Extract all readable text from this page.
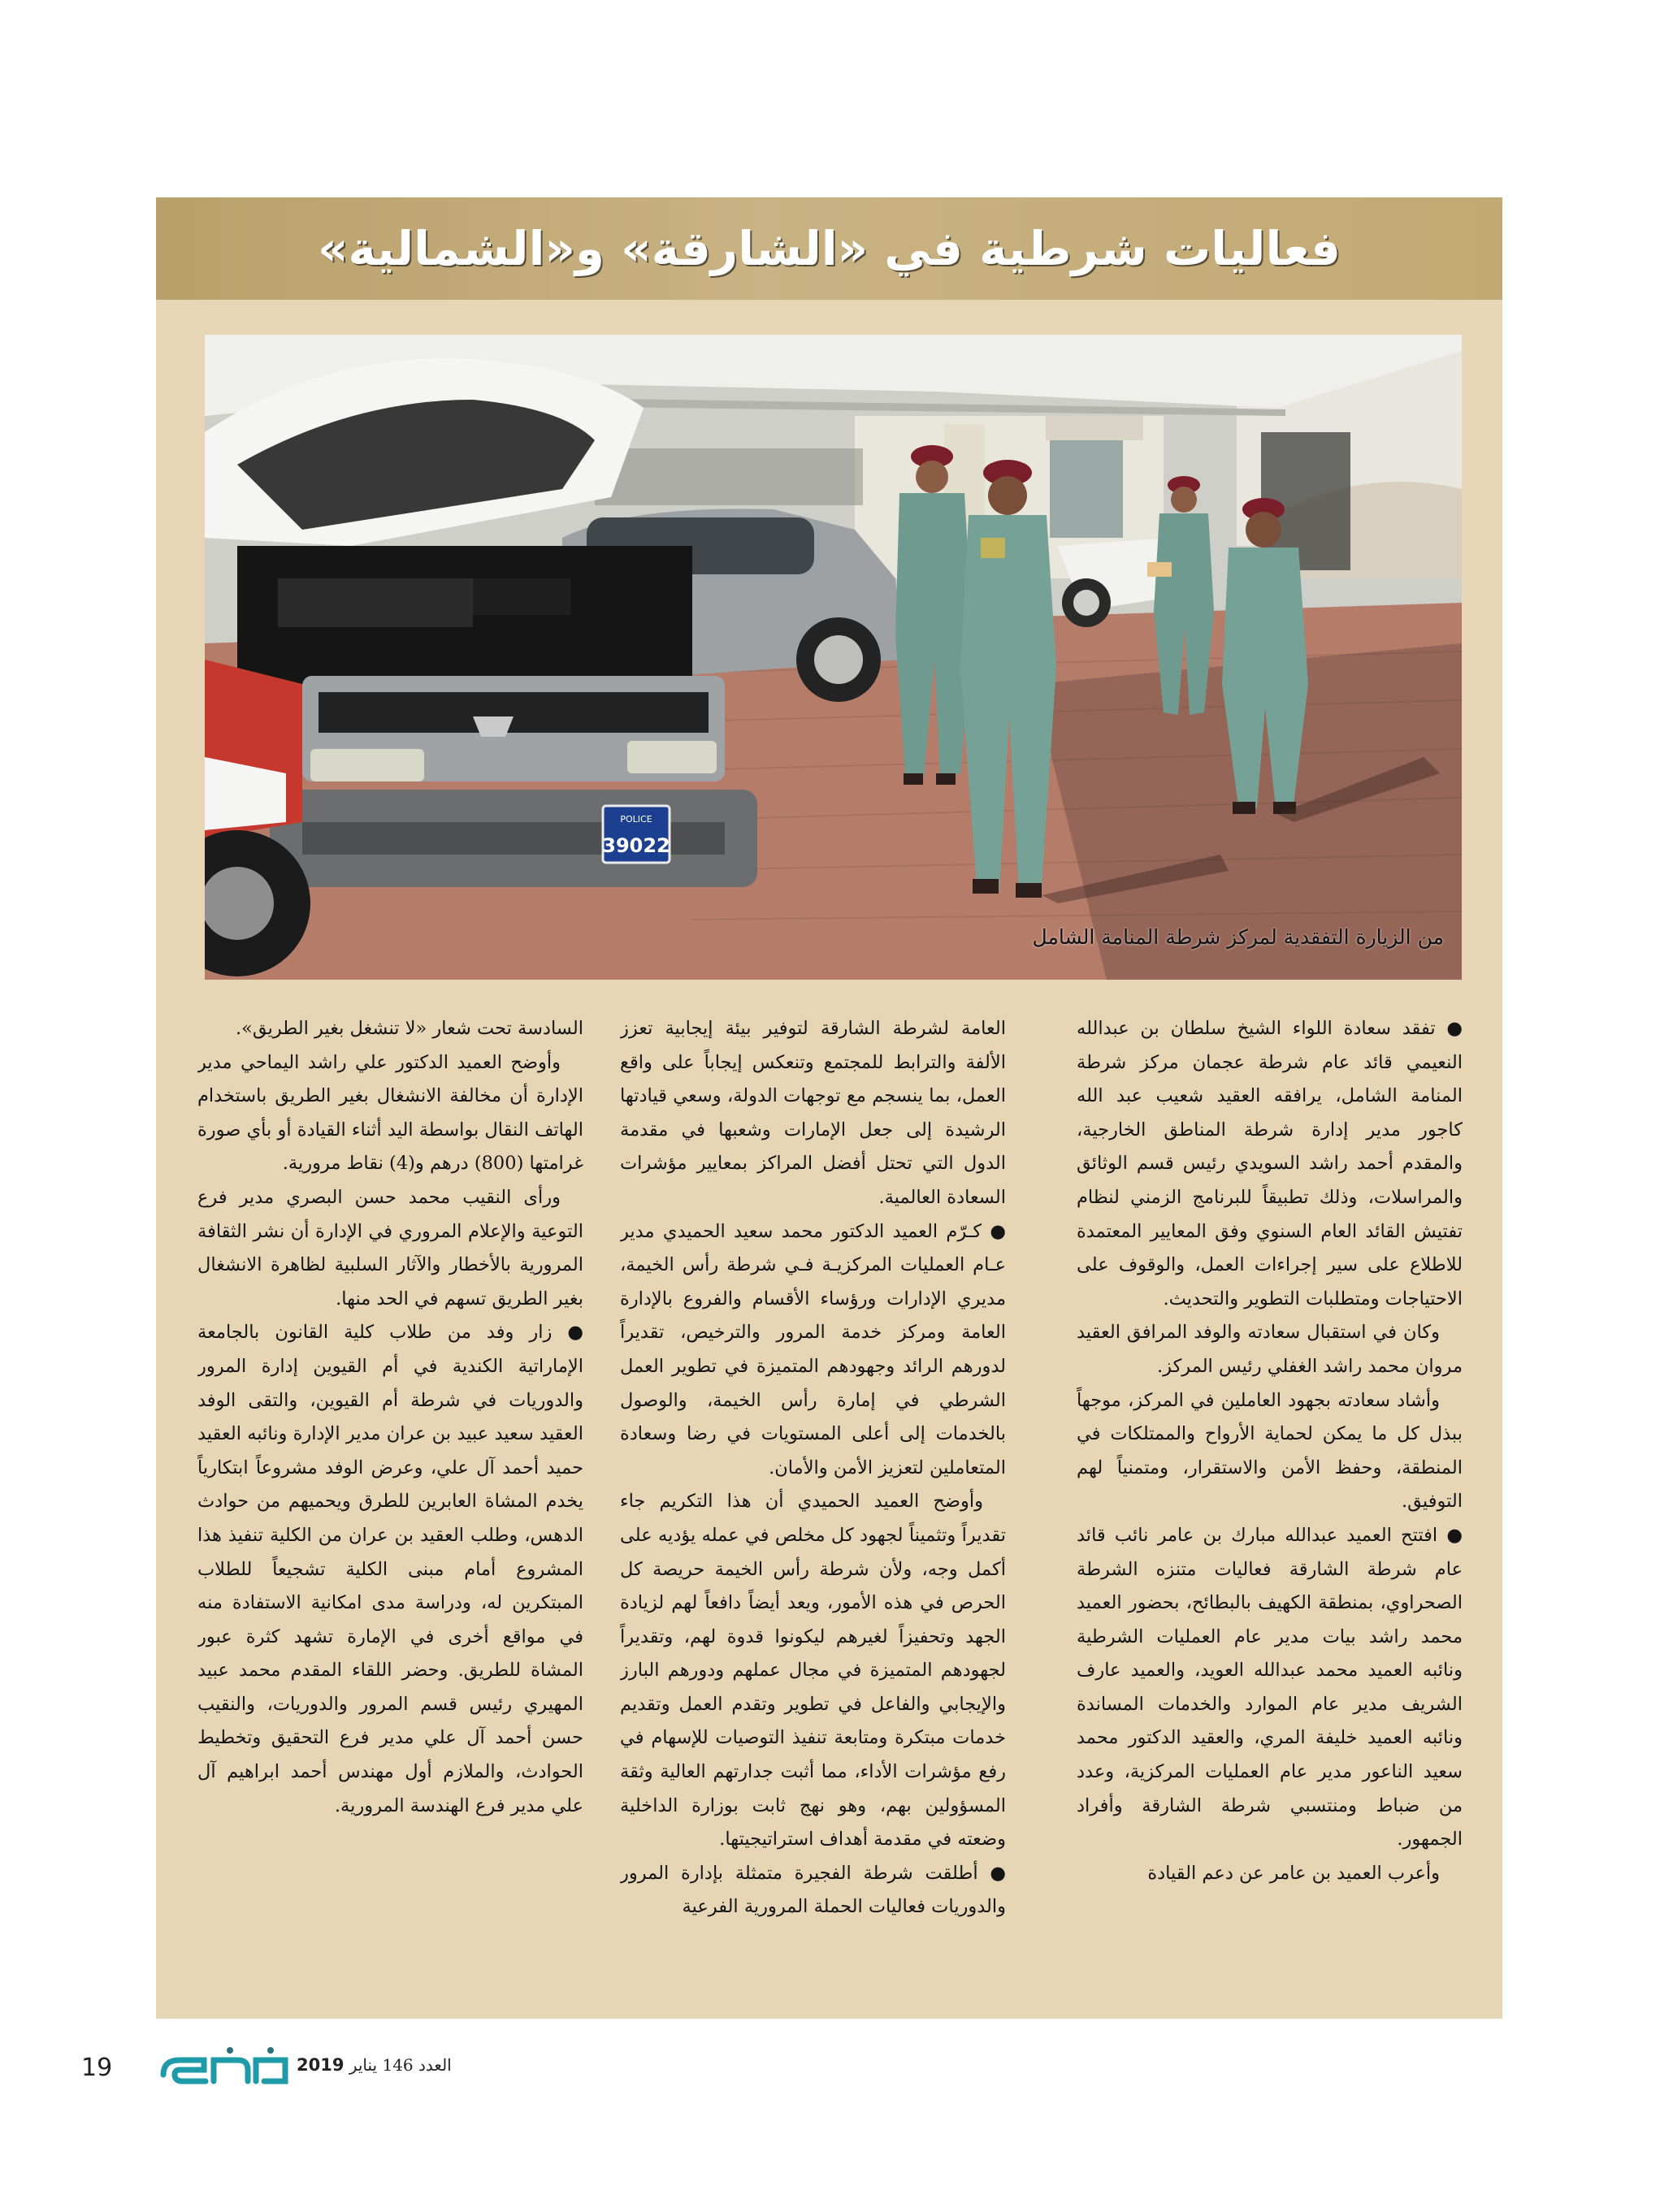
فعاليات شرطية في «الشارقة» و«الشمالية»
POLICE
39022
من الزيارة التفقدية لمركز شرطة المنامة الشامل

● تفقد سعادة اللواء الشيخ سلطان بن عبدالله النعيمي قائد عام شرطة عجمان مركز شرطة المنامة الشامل، يرافقه العقيد شعيب عبد الله كاجور مدير إدارة شرطة المناطق الخارجية، والمقدم أحمد راشد السويدي رئيس قسم الوثائق والمراسلات، وذلك تطبيقاً للبرنامج الزمني لنظام تفتيش القائد العام السنوي وفق المعايير المعتمدة للاطلاع على سير إجراءات العمل، والوقوف على الاحتياجات ومتطلبات التطوير والتحديث.

وكان في استقبال سعادته والوفد المرافق العقيد مروان محمد راشد الغفلي رئيس المركز.

وأشاد سعادته بجهود العاملين في المركز، موجهاً ببذل كل ما يمكن لحماية الأرواح والممتلكات في المنطقة، وحفظ الأمن والاستقرار، ومتمنياً لهم التوفيق.

● افتتح العميد عبدالله مبارك بن عامر نائب قائد عام شرطة الشارقة فعاليات متنزه الشرطة الصحراوي، بمنطقة الكهيف بالبطائح، بحضور العميد محمد راشد بيات مدير عام العمليات الشرطية ونائبه العميد محمد عبدالله العويد، والعميد عارف الشريف مدير عام الموارد والخدمات المساندة ونائبه العميد خليفة المري، والعقيد الدكتور محمد سعيد الناعور مدير عام العمليات المركزية، وعدد من ضباط ومنتسبي شرطة الشارقة وأفراد الجمهور.

وأعرب العميد بن عامر عن دعم القيادة

العامة لشرطة الشارقة لتوفير بيئة إيجابية تعزز الألفة والترابط للمجتمع وتنعكس إيجاباً على واقع العمل، بما ينسجم مع توجهات الدولة، وسعي قيادتها الرشيدة إلى جعل الإمارات وشعبها في مقدمة الدول التي تحتل أفضل المراكز بمعايير مؤشرات السعادة العالمية.

● كـرّم العميد الدكتور محمد سعيد الحميدي مدير عـام العمليات المركزيـة فـي شرطة رأس الخيمة، مديري الإدارات ورؤساء الأقسام والفروع بالإدارة العامة ومركز خدمة المرور والترخيص، تقديراً لدورهم الرائد وجهودهم المتميزة في تطوير العمل الشرطي في إمارة رأس الخيمة، والوصول بالخدمات إلى أعلى المستويات في رضا وسعادة المتعاملين لتعزيز الأمن والأمان.

وأوضح العميد الحميدي أن هذا التكريم جاء تقديراً وتثميناً لجهود كل مخلص في عمله يؤديه على أكمل وجه، ولأن شرطة رأس الخيمة حريصة كل الحرص في هذه الأمور، ويعد أيضاً دافعاً لهم لزيادة الجهد وتحفيزاً لغيرهم ليكونوا قدوة لهم، وتقديراً لجهودهم المتميزة في مجال عملهم ودورهم البارز والإيجابي والفاعل في تطوير وتقدم العمل وتقديم خدمات مبتكرة ومتابعة تنفيذ التوصيات للإسهام في رفع مؤشرات الأداء، مما أثبت جدارتهم العالية وثقة المسؤولين بهم، وهو نهج ثابت بوزارة الداخلية وضعته في مقدمة أهداف استراتيجيتها.

● أطلقت شرطة الفجيرة متمثلة بإدارة المرور والدوريات فعاليات الحملة المرورية الفرعية

السادسة تحت شعار «لا تنشغل بغير الطريق».

وأوضح العميد الدكتور علي راشد اليماحي مدير الإدارة أن مخالفة الانشغال بغير الطريق باستخدام الهاتف النقال بواسطة اليد أثناء القيادة أو بأي صورة غرامتها (800) درهم و(4) نقاط مرورية.

ورأى النقيب محمد حسن البصري مدير فرع التوعية والإعلام المروري في الإدارة أن نشر الثقافة المرورية بالأخطار والآثار السلبية لظاهرة الانشغال بغير الطريق تسهم في الحد منها.

● زار وفد من طلاب كلية القانون بالجامعة الإماراتية الكندية في أم القيوين إدارة المرور والدوريات في شرطة أم القيوين، والتقى الوفد العقيد سعيد عبيد بن عران مدير الإدارة ونائبه العقيد حميد أحمد آل علي، وعرض الوفد مشروعاً ابتكارياً يخدم المشاة العابرين للطرق ويحميهم من حوادث الدهس، وطلب العقيد بن عران من الكلية تنفيذ هذا المشروع أمام مبنى الكلية تشجيعاً للطلاب المبتكرين له، ودراسة مدى امكانية الاستفادة منه في مواقع أخرى في الإمارة تشهد كثرة عبور المشاة للطريق. وحضر اللقاء المقدم محمد عبيد المهيري رئيس قسم المرور والدوريات، والنقيب حسن أحمد آل علي مدير فرع التحقيق وتخطيط الحوادث، والملازم أول مهندس أحمد ابراهيم آل علي مدير فرع الهندسة المرورية.

19	العدد 146 يناير 2019
